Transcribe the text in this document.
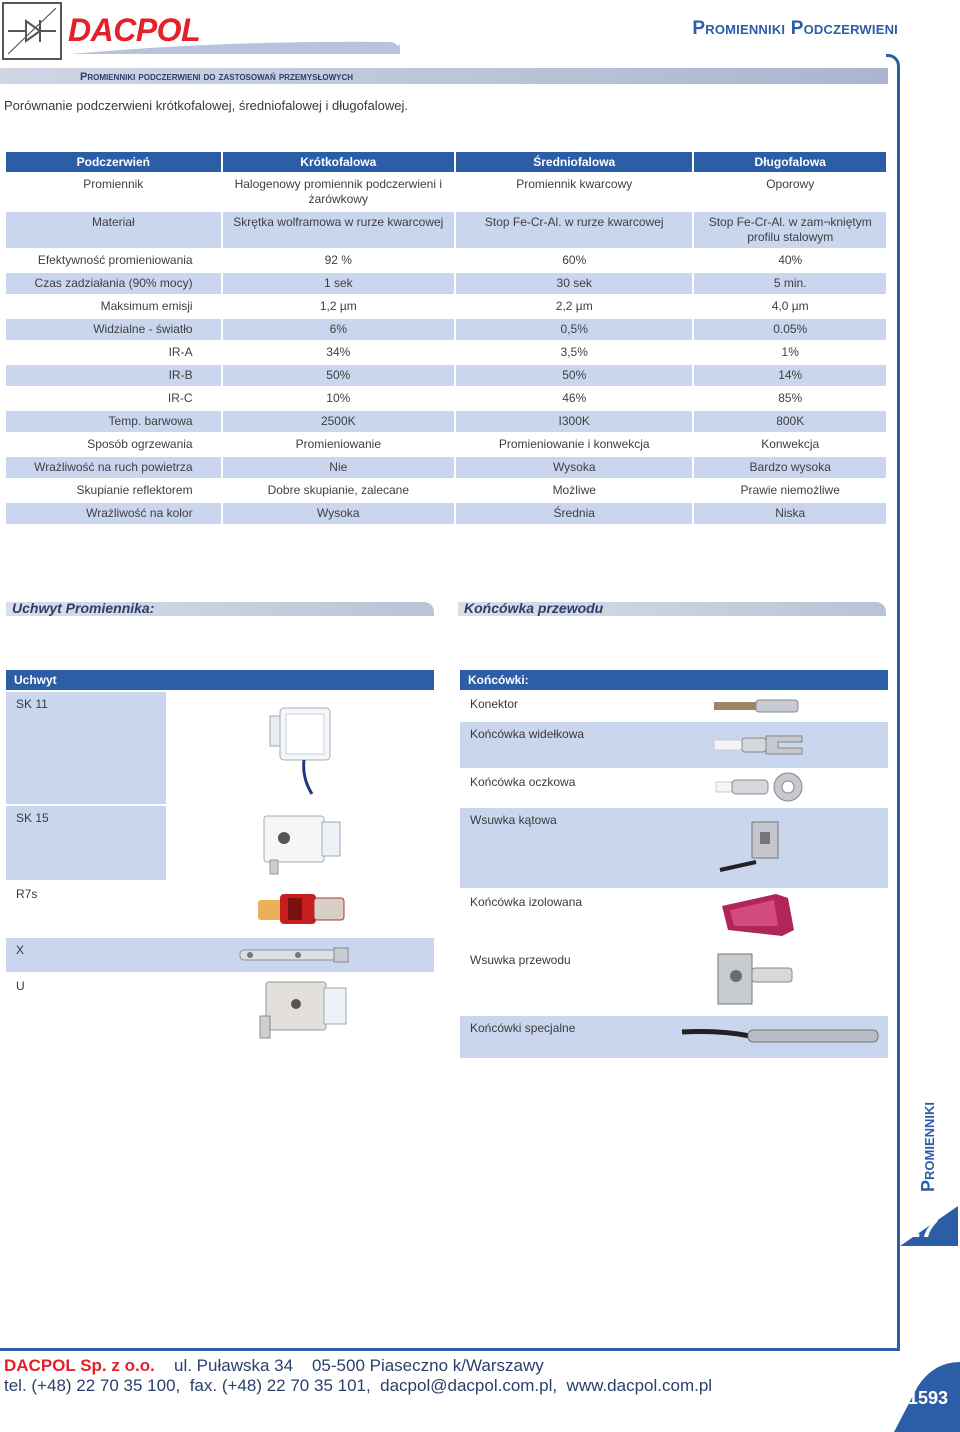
DACPOL	Promienniki Podczerwieni
Promienniki podczerwieni do zastosowań przemysłowych
Porównanie podczerwieni krótkofalowej, średniofalowej i długofalowej.
Podczerwień	Krótkofalowa	Średniofalowa	Długofalowa
Promiennik	Halogenowy promiennik podczerwieni i żarówkowy	Promiennik kwarcowy	Oporowy
Materiał	Skrętka wolframowa w rurze kwarcowej	Stop Fe-Cr-Al. w rurze kwarcowej	Stop Fe-Cr-Al. w zam¬kniętym profilu stalowym
Efektywność promieniowania	92 %	60%	40%
Czas zadziałania (90% mocy)	1 sek	30 sek	5 min.
Maksimum emisji	1,2 µm	2,2 µm	4,0 µm
Widzialne - światło	6%	0,5%	0.05%
IR-A	34%	3,5%	1%
IR-B	50%	50%	14%
IR-C	10%	46%	85%
Temp. barwowa	2500K	I300K	800K
Sposób ogrzewania	Promieniowanie	Promieniowanie i konwekcja	Konwekcja
Wrażliwość na ruch powietrza	Nie	Wysoka	Bardzo wysoka
Skupianie reflektorem	Dobre skupianie, zalecane	Możliwe	Prawie niemożliwe
Wrażliwość na kolor	Wysoka	Średnia	Niska
Uchwyt Promiennika:	Końcówka przewodu
Uchwyt
SK 11
SK 15
R7s
X
U
Końcówki:
Konektor
Końcówka widełkowa
Końcówka oczkowa
Wsuwka kątowa
Końcówka izolowana
Wsuwka przewodu
Końcówki specjalne
Promienniki
27
DACPOL Sp. z o.o. ul. Puławska 34    05-500 Piaseczno k/Warszawy
tel. (+48) 22 70 35 100,  fax. (+48) 22 70 35 101,  dacpol@dacpol.com.pl,  www.dacpol.com.pl
1593
